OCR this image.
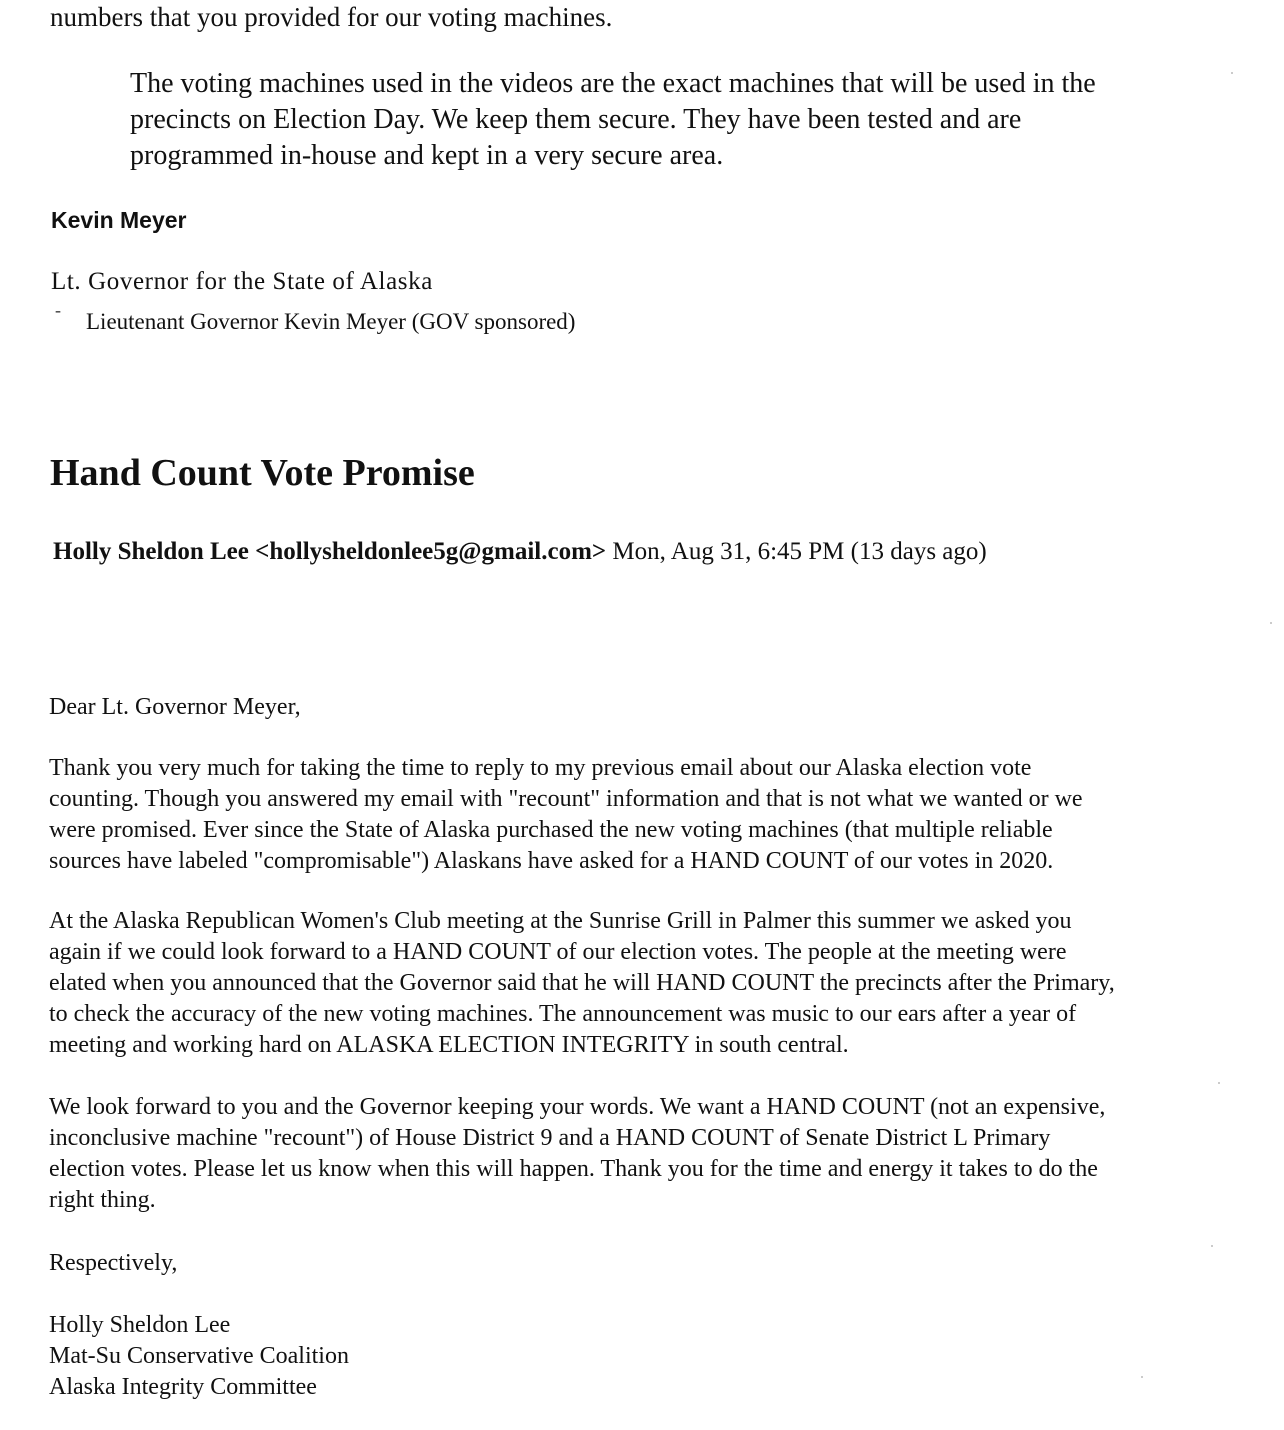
numbers that you provided for our voting machines.

The voting machines used in the videos are the exact machines that will be used in the
precincts on Election Day. We keep them secure. They have been tested and are
programmed in-house and kept in a very secure area.

Kevin Meyer

Lt. Governor for the State of Alaska

- Lieutenant Governor Kevin Meyer (GOV sponsored)

Hand Count Vote Promise

Holly Sheldon Lee <hollysheldonlee5g@gmail.com> Mon, Aug 31, 6:45 PM (13 days ago)

Dear Lt. Governor Meyer,
Thank you very much for taking the time to reply to my previous email about our Alaska election vote
counting. Though you answered my email with "recount" information and that is not what we wanted or we
were promised. Ever since the State of Alaska purchased the new voting machines (that multiple reliable
sources have labeled "compromisable") Alaskans have asked for a HAND COUNT of our votes in 2020.
At the Alaska Republican Women's Club meeting at the Sunrise Grill in Palmer this summer we asked you
again if we could look forward to a HAND COUNT of our election votes. The people at the meeting were
elated when you announced that the Governor said that he will HAND COUNT the precincts after the Primary,
to check the accuracy of the new voting machines. The announcement was music to our ears after a year of
meeting and working hard on ALASKA ELECTION INTEGRITY in south central.
We look forward to you and the Governor keeping your words. We want a HAND COUNT (not an expensive,
inconclusive machine "recount") of House District 9 and a HAND COUNT of Senate District L Primary
election votes. Please let us know when this will happen. Thank you for the time and energy it takes to do the
right thing.
Respectively,
Holly Sheldon Lee
Mat-Su Conservative Coalition
Alaska Integrity Committee
